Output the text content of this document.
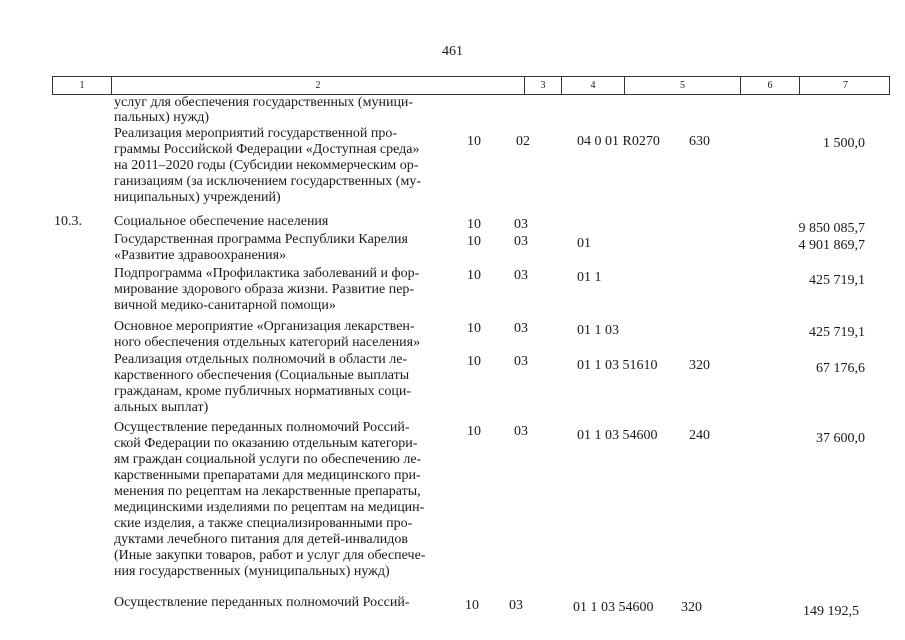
461
1	2	3	4	5	6	7
услуг для обеспечения государственных (муници-
пальных) нужд)
Реализация мероприятий государственной про-
граммы Российской Федерации «Доступная среда»
на 2011–2020 годы (Субсидии некоммерческим ор-
ганизациям (за исключением государственных (му-
ниципальных) учреждений)
10	02	04 0 01 R0270 630	1 500,0
10.3. Социальное обеспечение населения	10 03	9 850 085,7
Государственная программа Республики Карелия
«Развитие здравоохранения»
10 03	01	4 901 869,7
Подпрограмма «Профилактика заболеваний и фор-
мирование здорового образа жизни. Развитие пер-
вичной медико-санитарной помощи»
10 03	01 1	425 719,1
Основное мероприятие «Организация лекарствен-
ного обеспечения отдельных категорий населения»
10 03	01 1 03	425 719,1
Реализация отдельных полномочий в области ле-
карственного обеспечения (Социальные выплаты
гражданам, кроме публичных нормативных соци-
альных выплат)
10 03	01 1 03 51610 320	67 176,6
Осуществление переданных полномочий Россий-
ской Федерации по оказанию отдельным категори-
ям граждан социальной услуги по обеспечению ле-
карственными препаратами для медицинского при-
менения по рецептам на лекарственные препараты,
медицинскими изделиями по рецептам на медицин-
ские изделия, а также специализированными про-
дуктами лечебного питания для детей-инвалидов
(Иные закупки товаров, работ и услуг для обеспече-
ния государственных (муниципальных) нужд)
10 03	01 1 03 54600 240	37 600,0
Осуществление переданных полномочий Россий-	10 03	01 1 03 54600 320	149 192,5
